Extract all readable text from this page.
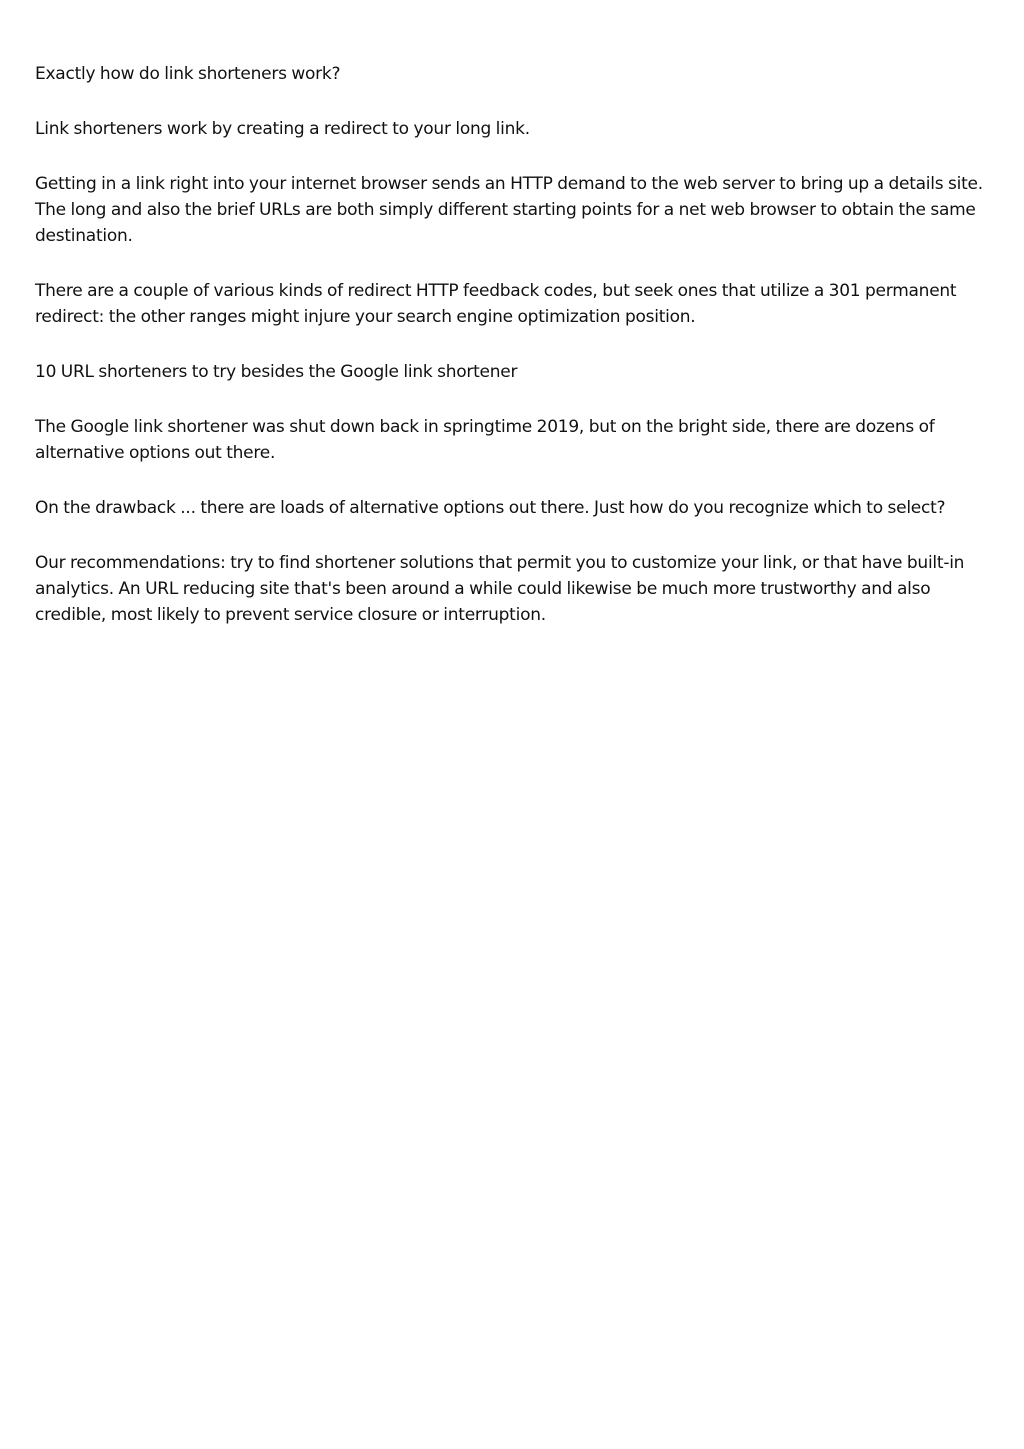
Exactly how do link shorteners work?

Link shorteners work by creating a redirect to your long link.

Getting in a link right into your internet browser sends an HTTP demand to the web server to bring up a details site. The long and also the brief URLs are both simply different starting points for a net web browser to obtain the same destination.

There are a couple of various kinds of redirect HTTP feedback codes, but seek ones that utilize a 301 permanent redirect: the other ranges might injure your search engine optimization position.

10 URL shorteners to try besides the Google link shortener

The Google link shortener was shut down back in springtime 2019, but on the bright side, there are dozens of alternative options out there.

On the drawback ... there are loads of alternative options out there. Just how do you recognize which to select?

Our recommendations: try to find shortener solutions that permit you to customize your link, or that have built-in analytics. An URL reducing site that's been around a while could likewise be much more trustworthy and also credible, most likely to prevent service closure or interruption.
